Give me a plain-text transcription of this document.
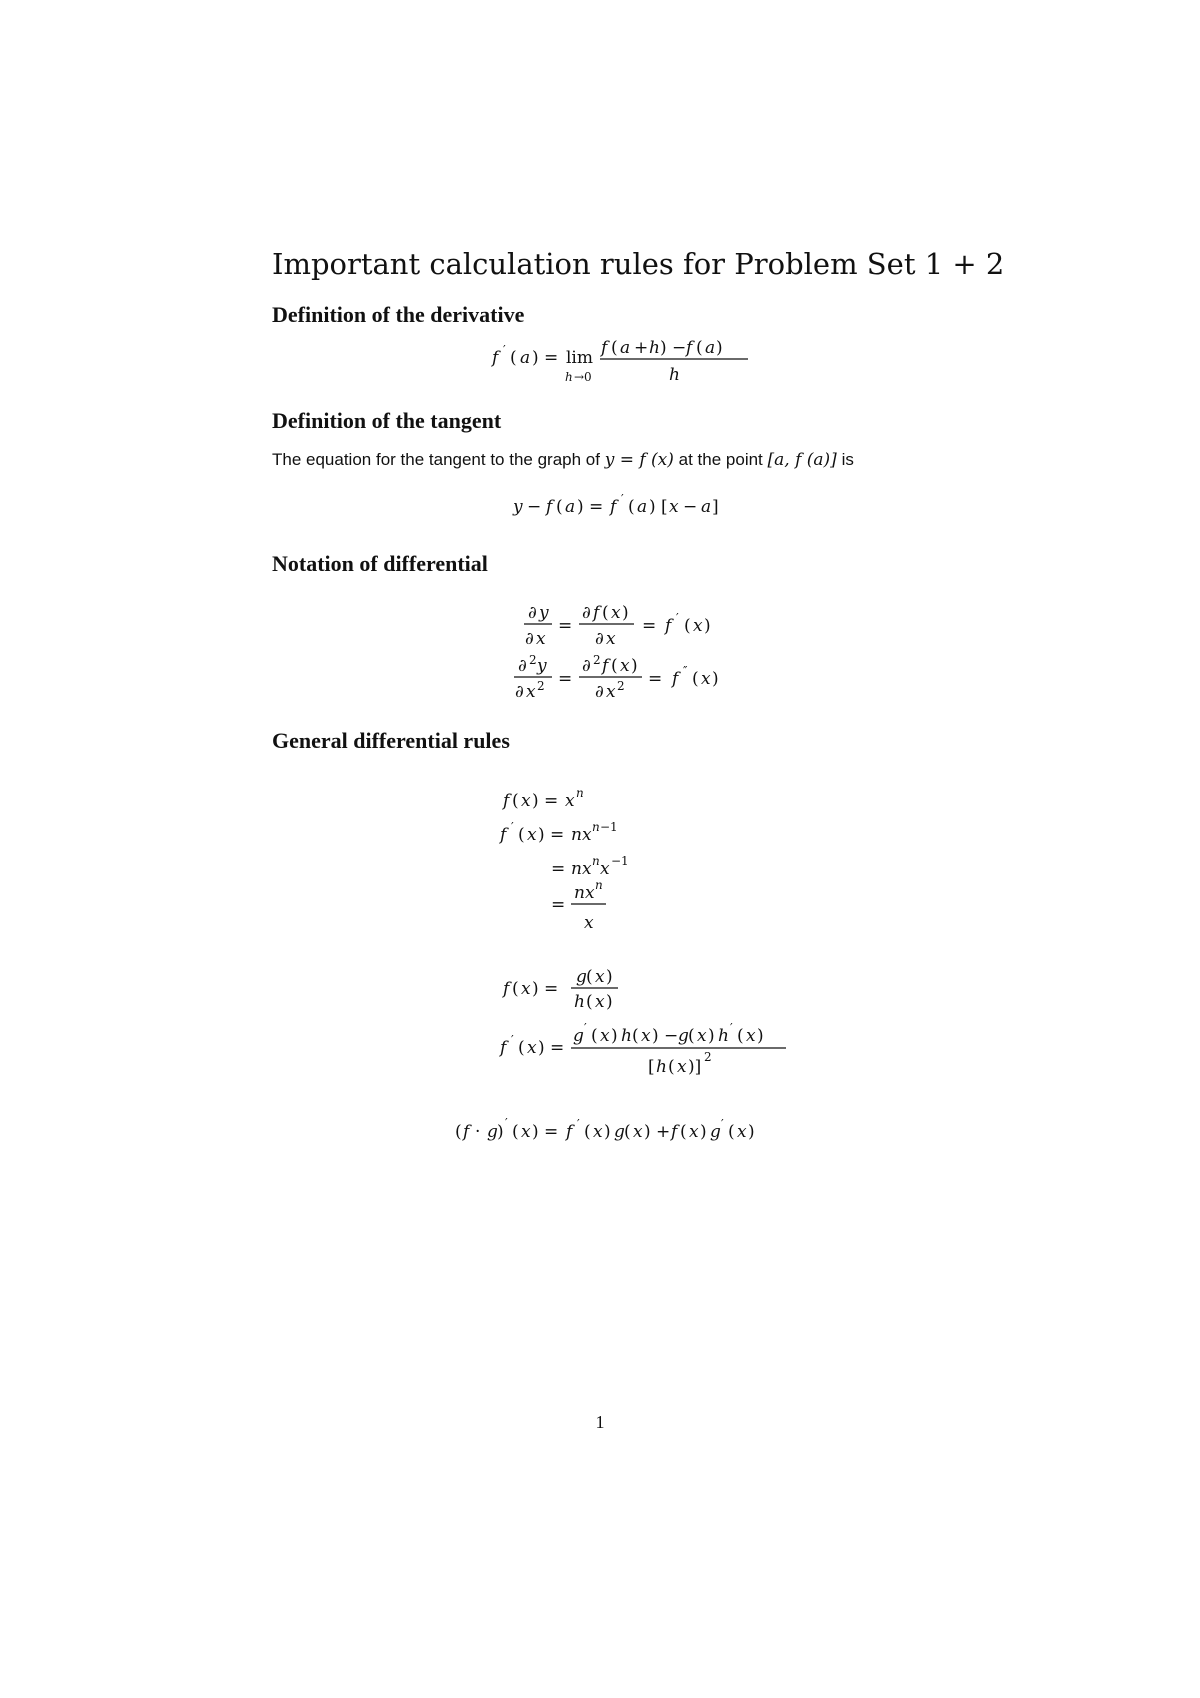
Important calculation rules for Problem Set 1 + 2
Definition of the derivative
f ′ ( a ) = lim
h →0
f ( a + h ) − f ( a )
h
Definition of the tangent
The equation for the tangent to the graph of y = f (x) at the point [a, f (a)] is
y − f ( a ) = f ′ ( a ) [ x − a ]
Notation of differential
∂ y
∂ x
=
∂ f ( x )
∂ x
= f ′ ( x )
∂ 2 y
∂ x 2 =
∂ 2 f ( x )
∂ x 2 = f ″ ( x )
General differential rules
f ( x ) = x n
f ′ ( x ) = nx n −1
= nx n x −1
=
nx n
x
f ( x ) =
g ( x )
h ( x )
f ′ ( x ) =
g ′ ( x ) h ( x ) − g ( x ) h ′ ( x )
[ h ( x )] 2
( f · g ) ′ ( x ) = f ′ ( x ) g ( x ) + f ( x ) g ′ ( x )
1
